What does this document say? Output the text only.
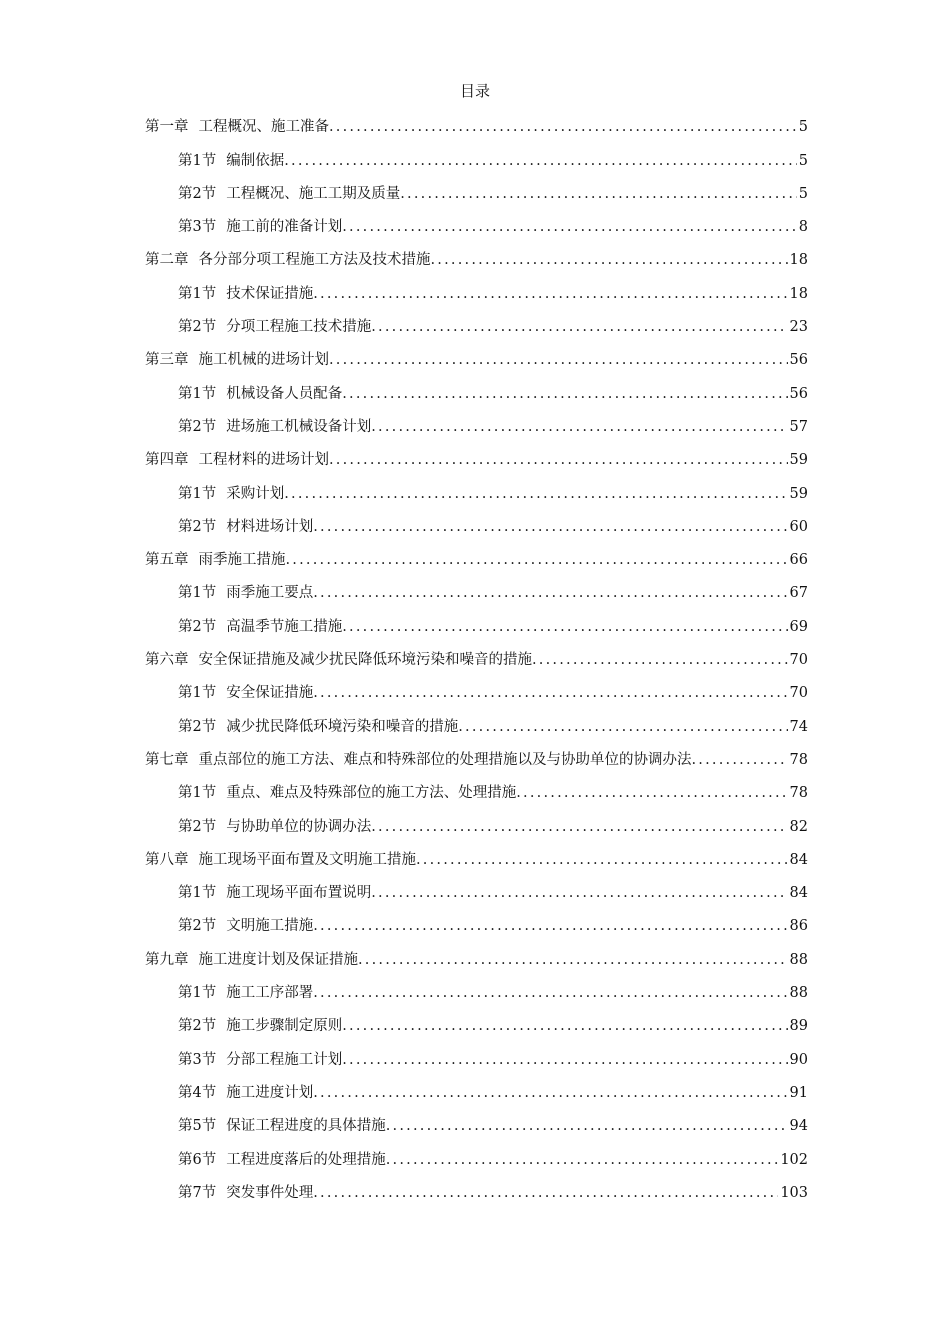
目录
第一章 工程概况、施工准备 .....	5
第1节 编制依据 .....	5
第2节 工程概况、施工工期及质量 .....	5
第3节 施工前的准备计划 .....	8
第二章 各分部分项工程施工方法及技术措施 .....	18
第1节 技术保证措施 .....	18
第2节 分项工程施工技术措施 .....	23
第三章 施工机械的进场计划 .....	56
第1节 机械设备人员配备 .....	56
第2节 进场施工机械设备计划 .....	57
第四章 工程材料的进场计划 .....	59
第1节 采购计划 .....	59
第2节 材料进场计划 .....	60
第五章 雨季施工措施 .....	66
第1节 雨季施工要点 .....	67
第2节 高温季节施工措施 .....	69
第六章 安全保证措施及减少扰民降低环境污染和噪音的措施 .....	70
第1节 安全保证措施 .....	70
第2节 减少扰民降低环境污染和噪音的措施 .....	74
第七章 重点部位的施工方法、难点和特殊部位的处理措施以及与协助单位的协调办法 .....	78
第1节 重点、难点及特殊部位的施工方法、处理措施 .....	78
第2节 与协助单位的协调办法 .....	82
第八章 施工现场平面布置及文明施工措施 .....	84
第1节 施工现场平面布置说明 .....	84
第2节 文明施工措施 .....	86
第九章 施工进度计划及保证措施 .....	88
第1节 施工工序部署 .....	88
第2节 施工步骤制定原则 .....	89
第3节 分部工程施工计划 .....	90
第4节 施工进度计划 .....	91
第5节 保证工程进度的具体措施 .....	94
第6节 工程进度落后的处理措施 .....	102
第7节 突发事件处理 .....	103
